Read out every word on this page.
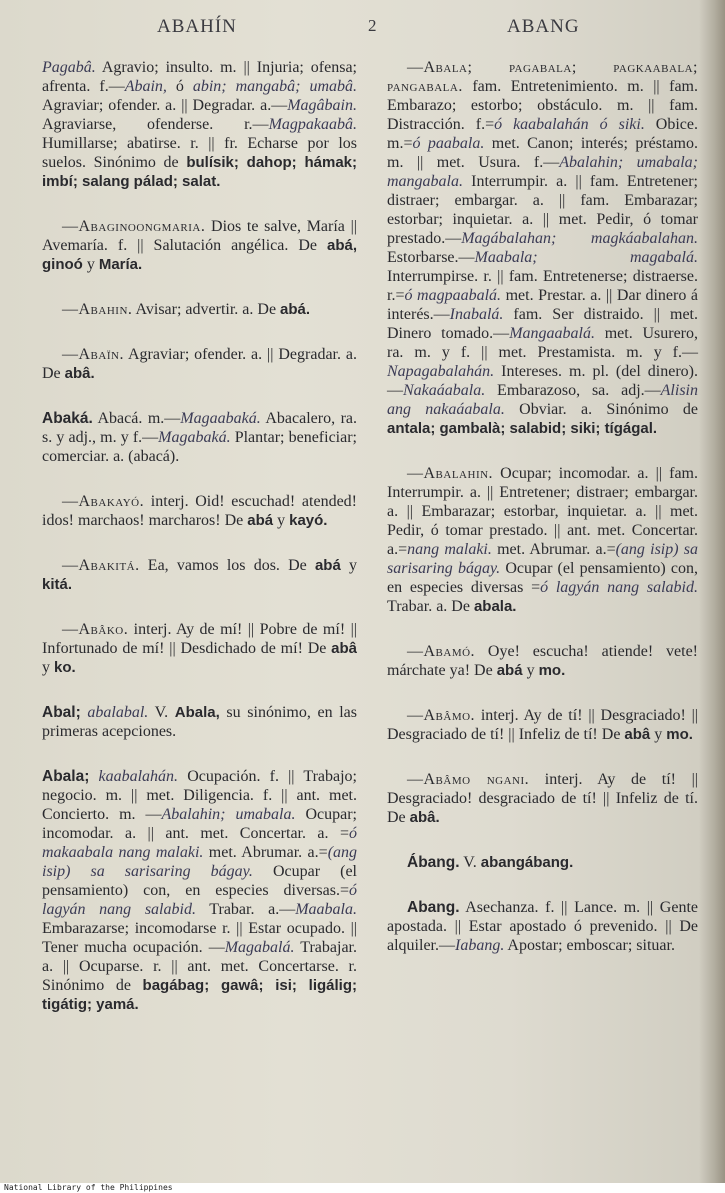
ABAHÍN	2	ABANG

Pagabâ. Agravio; insulto. m. || Injuria; ofensa; afrenta. f.—Abain, ó abin; mangabâ; umabâ. Agraviar; ofender. a. || Degradar. a.—Magâbain. Agraviarse, ofenderse. r.—Magpakaabâ. Humillarse; abatirse. r. || fr. Echarse por los suelos. Sinónimo de bulísik; dahop; hámak; imbí; salang pálad; salat.

—Abaginoongmaria. Dios te salve, María || Avemaría. f. || Salutación angélica. De abá, ginoó y María.

—Abahin. Avisar; advertir. a. De abá.

—Abaïn. Agraviar; ofender. a. || Degradar. a. De abâ.

Abaká. Abacá. m.—Magaabaká. Abacalero, ra. s. y adj., m. y f.—Magabaká. Plantar; beneficiar; comerciar. a. (abacá).

—Abakayó. interj. Oid! escuchad! atended! idos! marchaos! marcharos! De abá y kayó.

—Abakitá. Ea, vamos los dos. De abá y kitá.

—Abâko. interj. Ay de mí! || Pobre de mí! || Infortunado de mí! || Desdichado de mí! De abâ y ko.

Abal; abalabal. V. Abala, su sinónimo, en las primeras acepciones.

Abala; kaabalahán. Ocupación. f. || Trabajo; negocio. m. || met. Diligencia. f. || ant. met. Concierto. m. —Abalahin; umabala. Ocupar; incomodar. a. || ant. met. Concertar. a. =ó makaabala nang malaki. met. Abrumar. a.=(ang isip) sa sarisaring bágay. Ocupar (el pensamiento) con, en especies diversas.=ó lagyán nang salabid. Trabar. a.—Maabala. Embarazarse; incomodarse r. || Estar ocupado. || Tener mucha ocupación. —Magabalá. Trabajar. a. || Ocuparse. r. || ant. met. Concertarse. r. Sinónimo de bagábag; gawâ; isi; ligálig; tigátig; yamá.

—Abala; pagabala; pagkaabala; pangabala. fam. Entretenimiento. m. || fam. Embarazo; estorbo; obstáculo. m. || fam. Distracción. f.=ó kaabalahán ó siki. Obice. m.=ó paabala. met. Canon; interés; préstamo. m. || met. Usura. f.—Abalahin; umabala; mangabala. Interrumpir. a. || fam. Entretener; distraer; embargar. a. || fam. Embarazar; estorbar; inquietar. a. || met. Pedir, ó tomar prestado.—Magábalahan; magkáabalahan. Estorbarse.—Maabala; magabalá. Interrumpirse. r. || fam. Entretenerse; distraerse. r.=ó magpaabalá. met. Prestar. a. || Dar dinero á interés.—Inabalá. fam. Ser distraido. || met. Dinero tomado.—Mangaabalá. met. Usurero, ra. m. y f. || met. Prestamista. m. y f.—Napagabalahán. Intereses. m. pl. (del dinero).—Nakaáabala. Embarazoso, sa. adj.—Alisin ang nakaáabala. Obviar. a. Sinónimo de antala; gambalà; salabid; siki; tígágal.

—Abalahin. Ocupar; incomodar. a. || fam. Interrumpir. a. || Entretener; distraer; embargar. a. || Embarazar; estorbar, inquietar. a. || met. Pedir, ó tomar prestado. || ant. met. Concertar. a.=nang malaki. met. Abrumar. a.=(ang isip) sa sarisaring bágay. Ocupar (el pensamiento) con, en especies diversas =ó lagyán nang salabid. Trabar. a. De abala.

—Abamó. Oye! escucha! atiende! vete! márchate ya! De abá y mo.

—Abâmo. interj. Ay de tí! || Desgraciado! || Desgraciado de tí! || Infeliz de tí! De abâ y mo.

—Abâmo ngani. interj. Ay de tí! || Desgraciado! desgraciado de tí! || Infeliz de tí. De abâ.

Ábang. V. abangábang.

Abang. Asechanza. f. || Lance. m. || Gente apostada. || Estar apostado ó prevenido. || De alquiler.—Iabang. Apostar; emboscar; situar.

National Library of the Philippines
